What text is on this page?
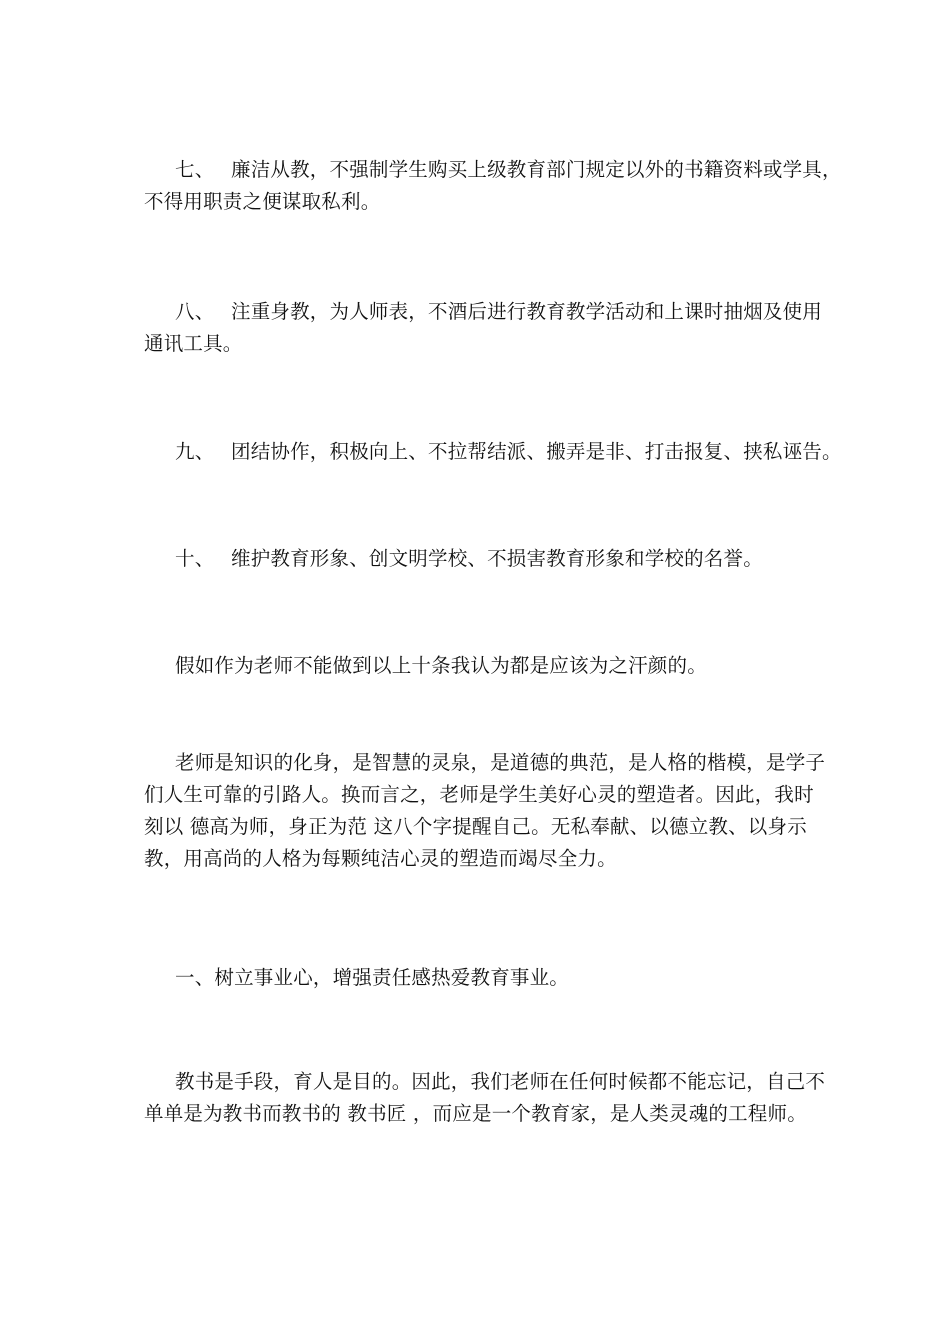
七、 廉洁从教，不强制学生购买上级教育部门规定以外的书籍资料或学具，
不得用职责之便谋取私利。
八、 注重身教，为人师表，不酒后进行教育教学活动和上课时抽烟及使用
通讯工具。
九、 团结协作，积极向上、不拉帮结派、搬弄是非、打击报复、挟私诬告。
十、 维护教育形象、创文明学校、不损害教育形象和学校的名誉。
假如作为老师不能做到以上十条我认为都是应该为之汗颜的。
老师是知识的化身，是智慧的灵泉，是道德的典范，是人格的楷模，是学子
们人生可靠的引路人。换而言之，老师是学生美好心灵的塑造者。因此，我时
刻以 德高为师，身正为范 这八个字提醒自己。无私奉献、以德立教、以身示
教，用高尚的人格为每颗纯洁心灵的塑造而竭尽全力。
一、树立事业心，增强责任感热爱教育事业。
教书是手段，育人是目的。因此，我们老师在任何时候都不能忘记，自己不
单单是为教书而教书的 教书匠 ，而应是一个教育家，是人类灵魂的工程师。
